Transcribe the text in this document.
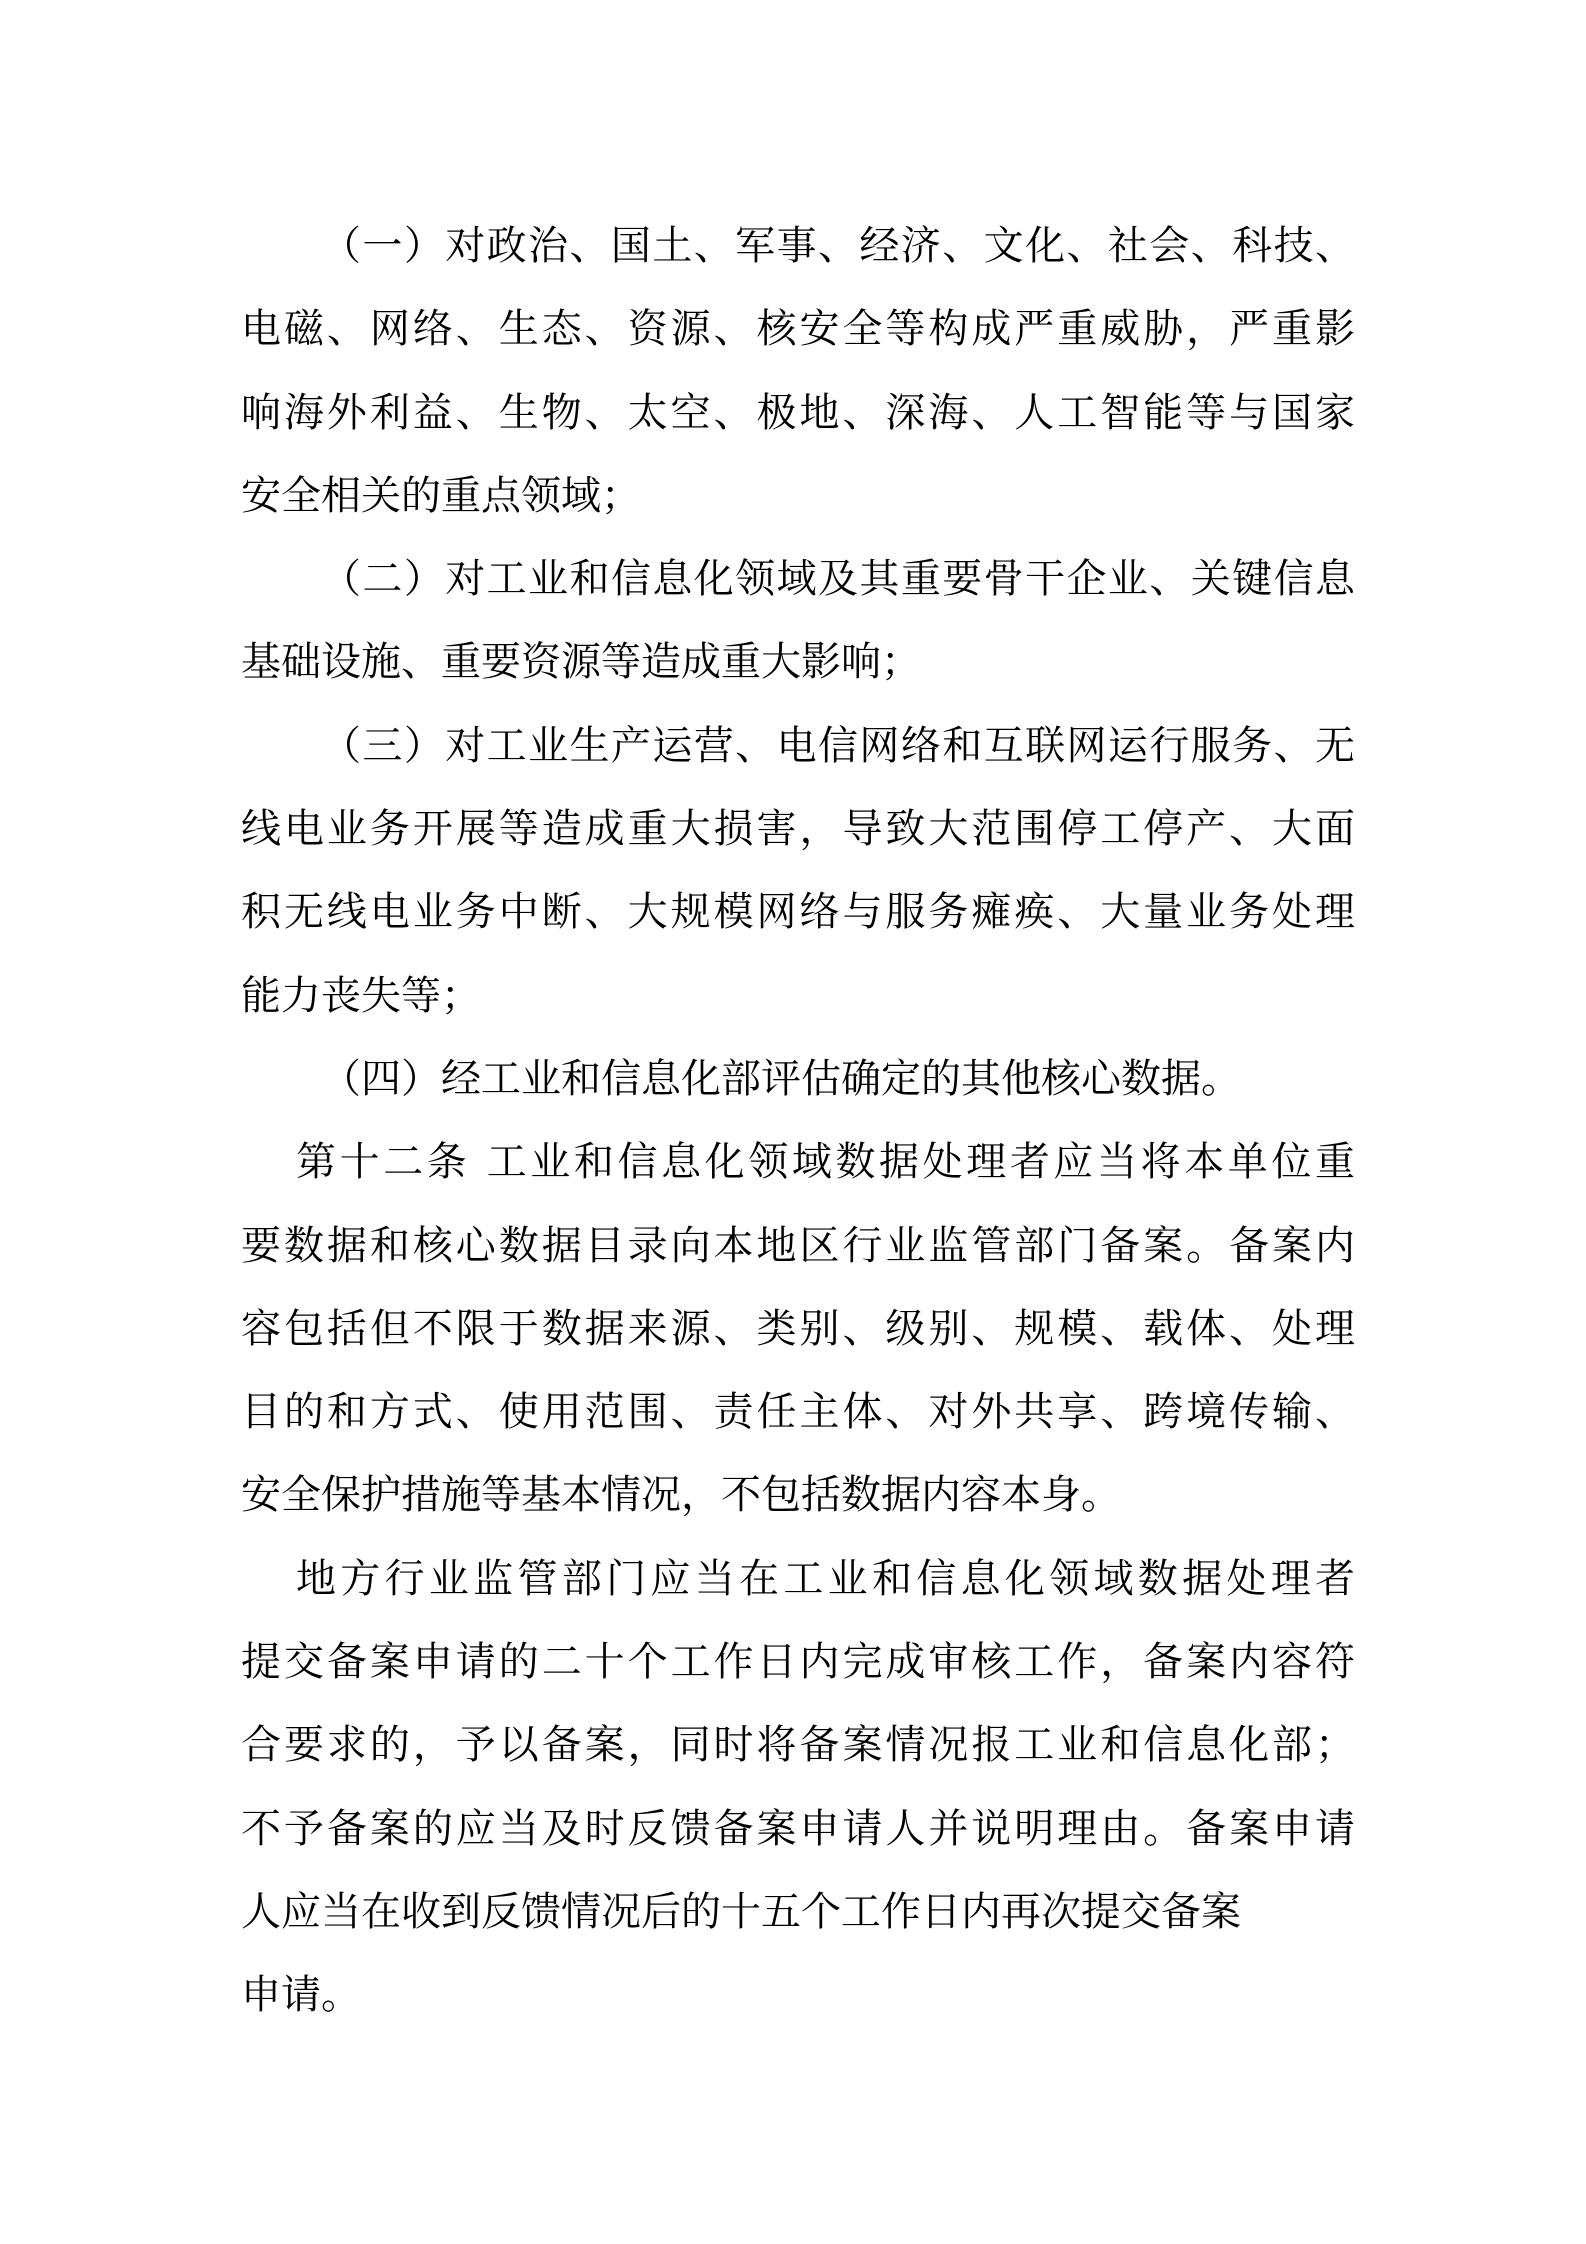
（一）对政治、国土、军事、经济、文化、社会、科技、
电磁、网络、生态、资源、核安全等构成严重威胁，严重影
响海外利益、生物、太空、极地、深海、人工智能等与国家
安全相关的重点领域；
（二）对工业和信息化领域及其重要骨干企业、关键信息
基础设施、重要资源等造成重大影响；
（三）对工业生产运营、电信网络和互联网运行服务、无
线电业务开展等造成重大损害，导致大范围停工停产、大面
积无线电业务中断、大规模网络与服务瘫痪、大量业务处理
能力丧失等；
（四）经工业和信息化部评估确定的其他核心数据。
第十二条 工业和信息化领域数据处理者应当将本单位重
要数据和核心数据目录向本地区行业监管部门备案。备案内
容包括但不限于数据来源、类别、级别、规模、载体、处理
目的和方式、使用范围、责任主体、对外共享、跨境传输、
安全保护措施等基本情况，不包括数据内容本身。
地方行业监管部门应当在工业和信息化领域数据处理者
提交备案申请的二十个工作日内完成审核工作，备案内容符
合要求的，予以备案，同时将备案情况报工业和信息化部；
不予备案的应当及时反馈备案申请人并说明理由。备案申请
人应当在收到反馈情况后的十五个工作日内再次提交备案
申请。
